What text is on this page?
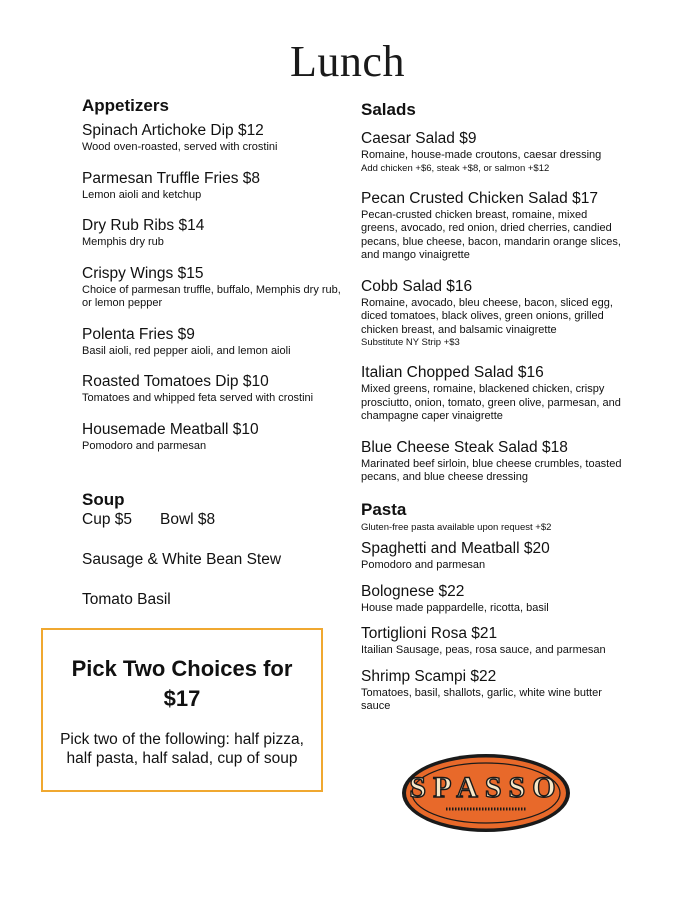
Lunch
Appetizers
Spinach Artichoke Dip $12
Wood oven-roasted, served with crostini
Parmesan Truffle Fries $8
Lemon aioli and ketchup
Dry Rub Ribs $14
Memphis dry rub
Crispy Wings $15
Choice of parmesan truffle, buffalo, Memphis dry rub, or lemon pepper
Polenta Fries $9
Basil aioli, red pepper aioli, and lemon aioli
Roasted Tomatoes Dip $10
Tomatoes and whipped feta served with crostini
Housemade Meatball $10
Pomodoro and parmesan
Soup
Cup $5 Bowl $8
Sausage & White Bean Stew
Tomato Basil
Pick Two Choices for $17
Pick two of the following: half pizza, half pasta, half salad, cup of soup
Salads
Caesar Salad $9
Romaine, house-made croutons, caesar dressing
Add chicken +$6, steak +$8, or salmon +$12
Pecan Crusted Chicken Salad $17
Pecan-crusted chicken breast, romaine, mixed greens, avocado, red onion, dried cherries, candied pecans, blue cheese, bacon, mandarin orange slices, and mango vinaigrette
Cobb Salad $16
Romaine, avocado, bleu cheese, bacon, sliced egg, diced tomatoes, black olives, green onions, grilled chicken breast, and balsamic vinaigrette
Substitute NY Strip +$3
Italian Chopped Salad $16
Mixed greens, romaine, blackened chicken, crispy prosciutto, onion, tomato, green olive, parmesan, and champagne caper vinaigrette
Blue Cheese Steak Salad $18
Marinated beef sirloin, blue cheese crumbles, toasted pecans, and blue cheese dressing
Pasta
Gluten-free pasta available upon request +$2
Spaghetti and Meatball $20
Pomodoro and parmesan
Bolognese $22
House made pappardelle, ricotta, basil
Tortiglioni Rosa $21
Itailian Sausage, peas, rosa sauce, and parmesan
Shrimp Scampi $22
Tomatoes, basil, shallots, garlic, white wine butter sauce
SPASSO
